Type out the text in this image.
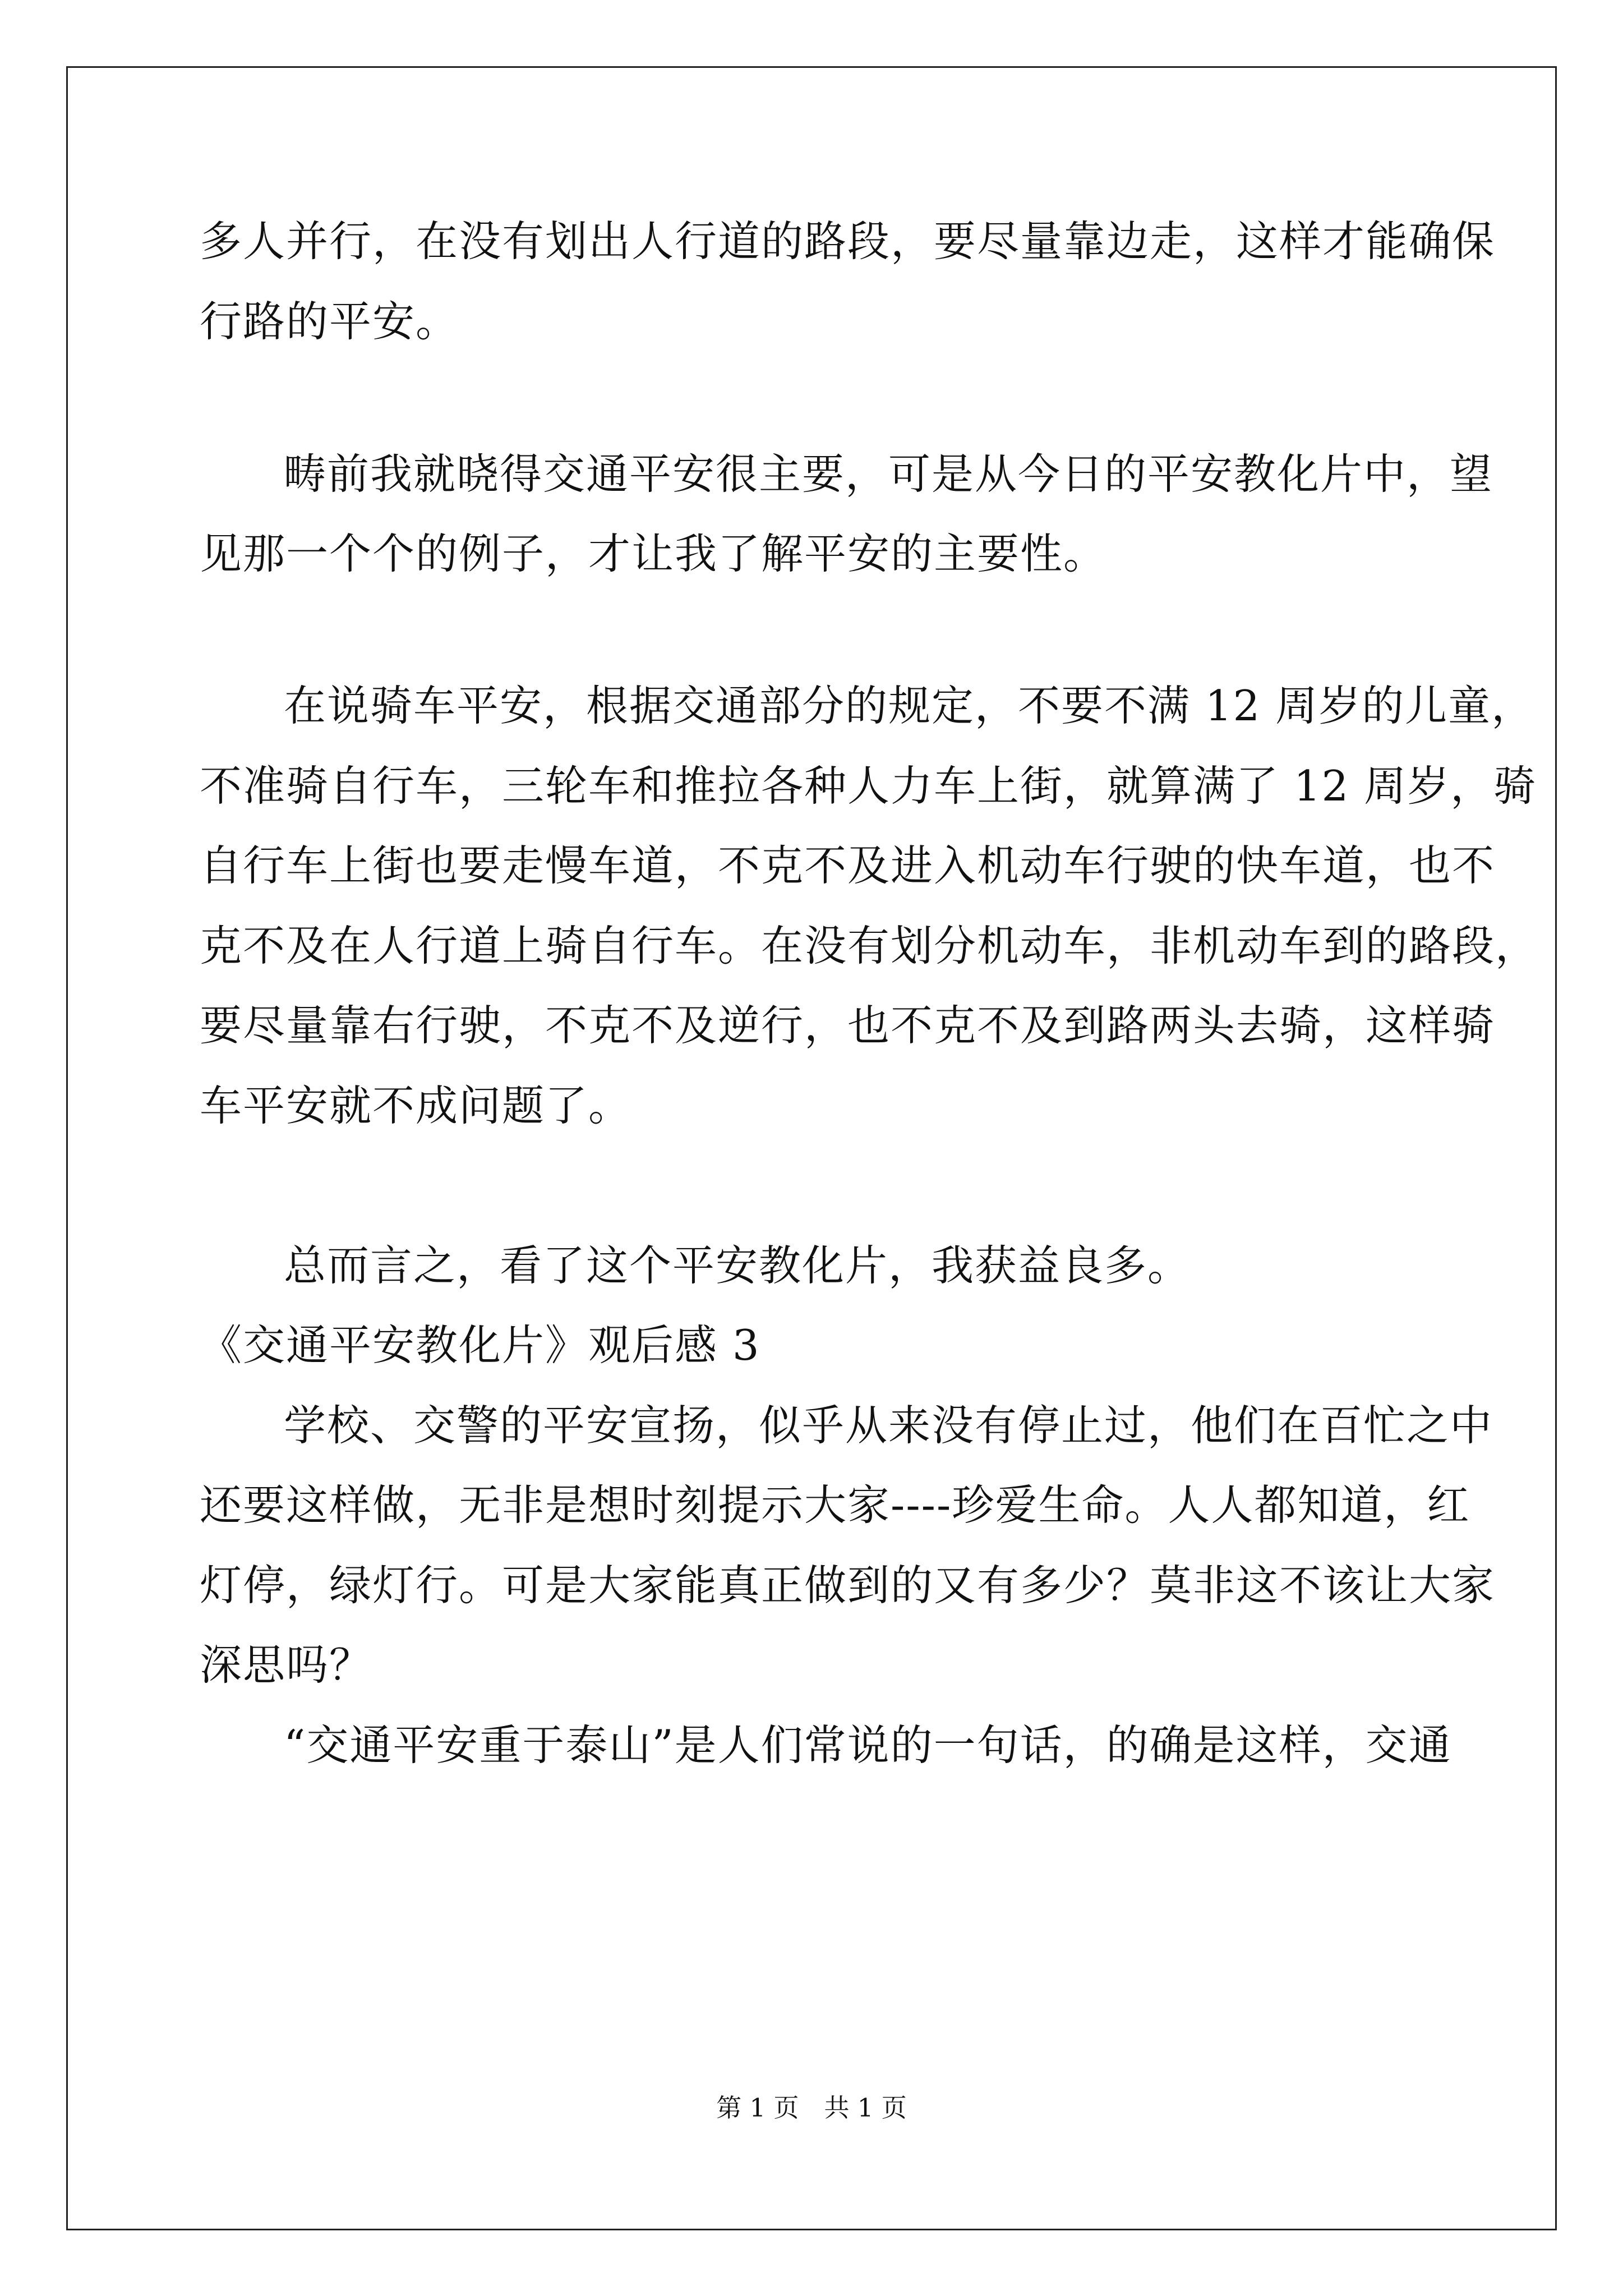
多人并行，在没有划出人行道的路段，要尽量靠边走，这样才能确保
行路的平安。
畴前我就晓得交通平安很主要，可是从今日的平安教化片中，望
见那一个个的例子，才让我了解平安的主要性。
在说骑车平安，根据交通部分的规定，不要不满 12 周岁的儿童，
不准骑自行车，三轮车和推拉各种人力车上街，就算满了 12 周岁，骑
自行车上街也要走慢车道，不克不及进入机动车行驶的快车道，也不
克不及在人行道上骑自行车。在没有划分机动车，非机动车到的路段，
要尽量靠右行驶，不克不及逆行，也不克不及到路两头去骑，这样骑
车平安就不成问题了。
总而言之，看了这个平安教化片，我获益良多。
《交通平安教化片》观后感 3
学校、交警的平安宣扬，似乎从来没有停止过，他们在百忙之中
还要这样做，无非是想时刻提示大家----珍爱生命。人人都知道，红
灯停，绿灯行。可是大家能真正做到的又有多少？莫非这不该让大家
深思吗？
“交通平安重于泰山”是人们常说的一句话，的确是这样，交通
第 1 页　共 1 页
